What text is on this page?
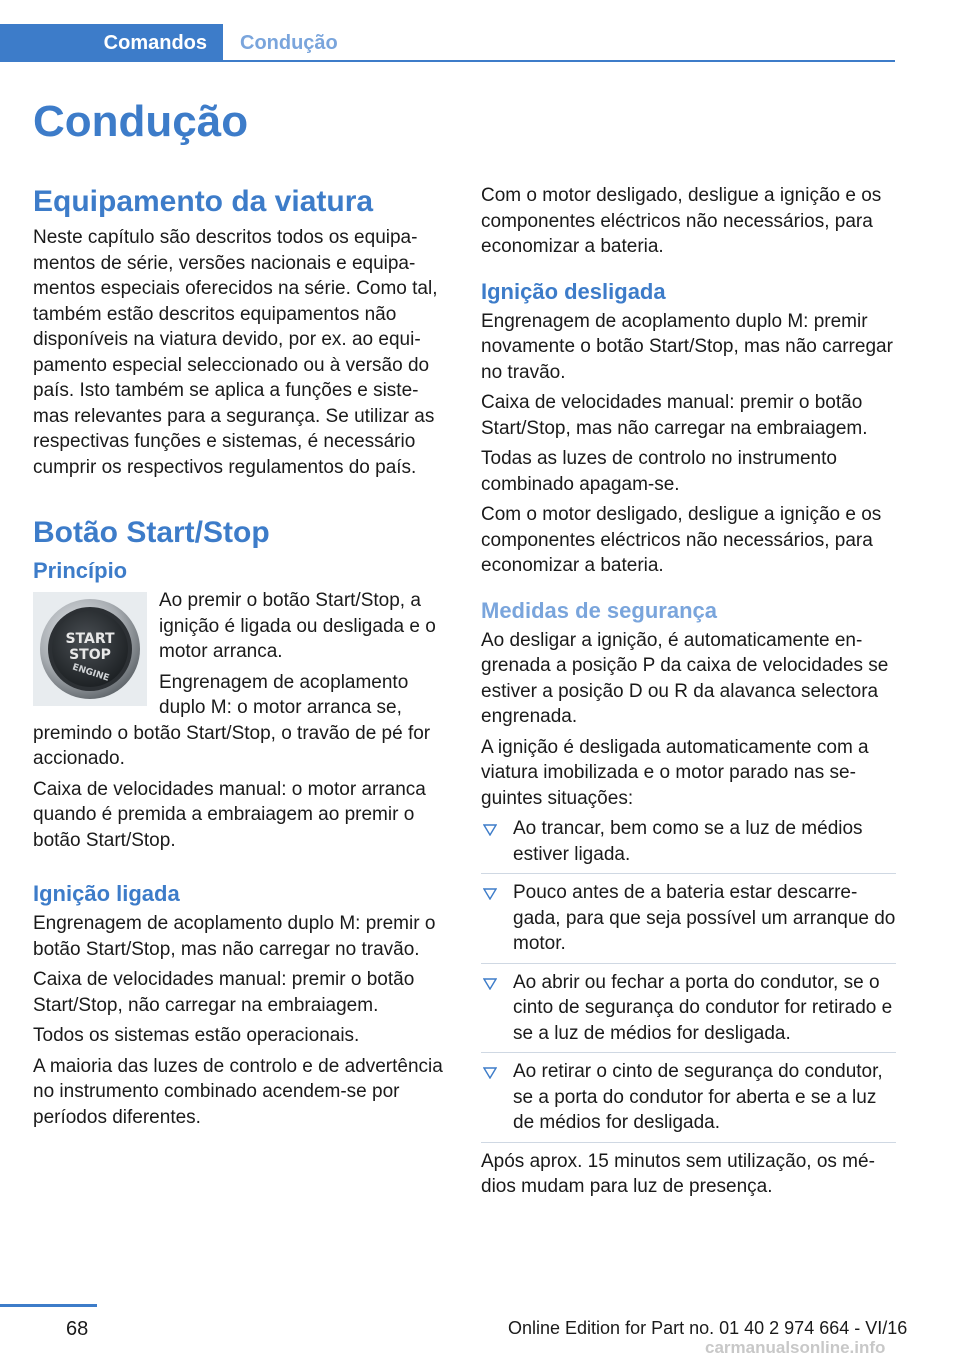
Comandos	Condução
Condução
Equipamento da viatura

Neste capítulo são descritos todos os equipamentos de série, versões nacionais e equipamentos especiais oferecidos na série. Como tal, também estão descritos equipamentos não disponíveis na viatura devido, por ex. ao equipamento especial seleccionado ou à versão do país. Isto também se aplica a funções e sistemas relevantes para a segurança. Se utilizar as respectivas funções e sistemas, é necessário cumprir os respectivos regulamentos do país.

Botão Start/Stop
Princípio
START
STOP
ENGINE

Ao premir o botão Start/Stop, a ignição é ligada ou desligada e o motor arranca.

Engrenagem de acoplamento duplo M: o motor arranca se, premindo o botão Start/Stop, o travão de pé for accionado.

Caixa de velocidades manual: o motor arranca quando é premida a embraiagem ao premir o botão Start/Stop.

Ignição ligada

Engrenagem de acoplamento duplo M: premir o botão Start/Stop, mas não carregar no travão.

Caixa de velocidades manual: premir o botão Start/Stop, não carregar na embraiagem.

Todos os sistemas estão operacionais.

A maioria das luzes de controlo e de advertência no instrumento combinado acendem-se por períodos diferentes.

Com o motor desligado, desligue a ignição e os componentes eléctricos não necessários, para economizar a bateria.

Ignição desligada

Engrenagem de acoplamento duplo M: premir novamente o botão Start/Stop, mas não carregar no travão.

Caixa de velocidades manual: premir o botão Start/Stop, mas não carregar na embraiagem.

Todas as luzes de controlo no instrumento combinado apagam-se.

Com o motor desligado, desligue a ignição e os componentes eléctricos não necessários, para economizar a bateria.

Medidas de segurança

Ao desligar a ignição, é automaticamente engrenada a posição P da caixa de velocidades se estiver a posição D ou R da alavanca selectora engrenada.

A ignição é desligada automaticamente com a viatura imobilizada e o motor parado nas seguintes situações:

Ao trancar, bem como se a luz de médios estiver ligada.
Pouco antes de a bateria estar descarregada, para que seja possível um arranque do motor.
Ao abrir ou fechar a porta do condutor, se o cinto de segurança do condutor for retirado e se a luz de médios for desligada.
Ao retirar o cinto de segurança do condutor, se a porta do condutor for aberta e se a luz de médios for desligada.

Após aprox. 15 minutos sem utilização, os médios mudam para luz de presença.

68	Online Edition for Part no. 01 40 2 974 664 - VI/16
carmanualsonline.info
